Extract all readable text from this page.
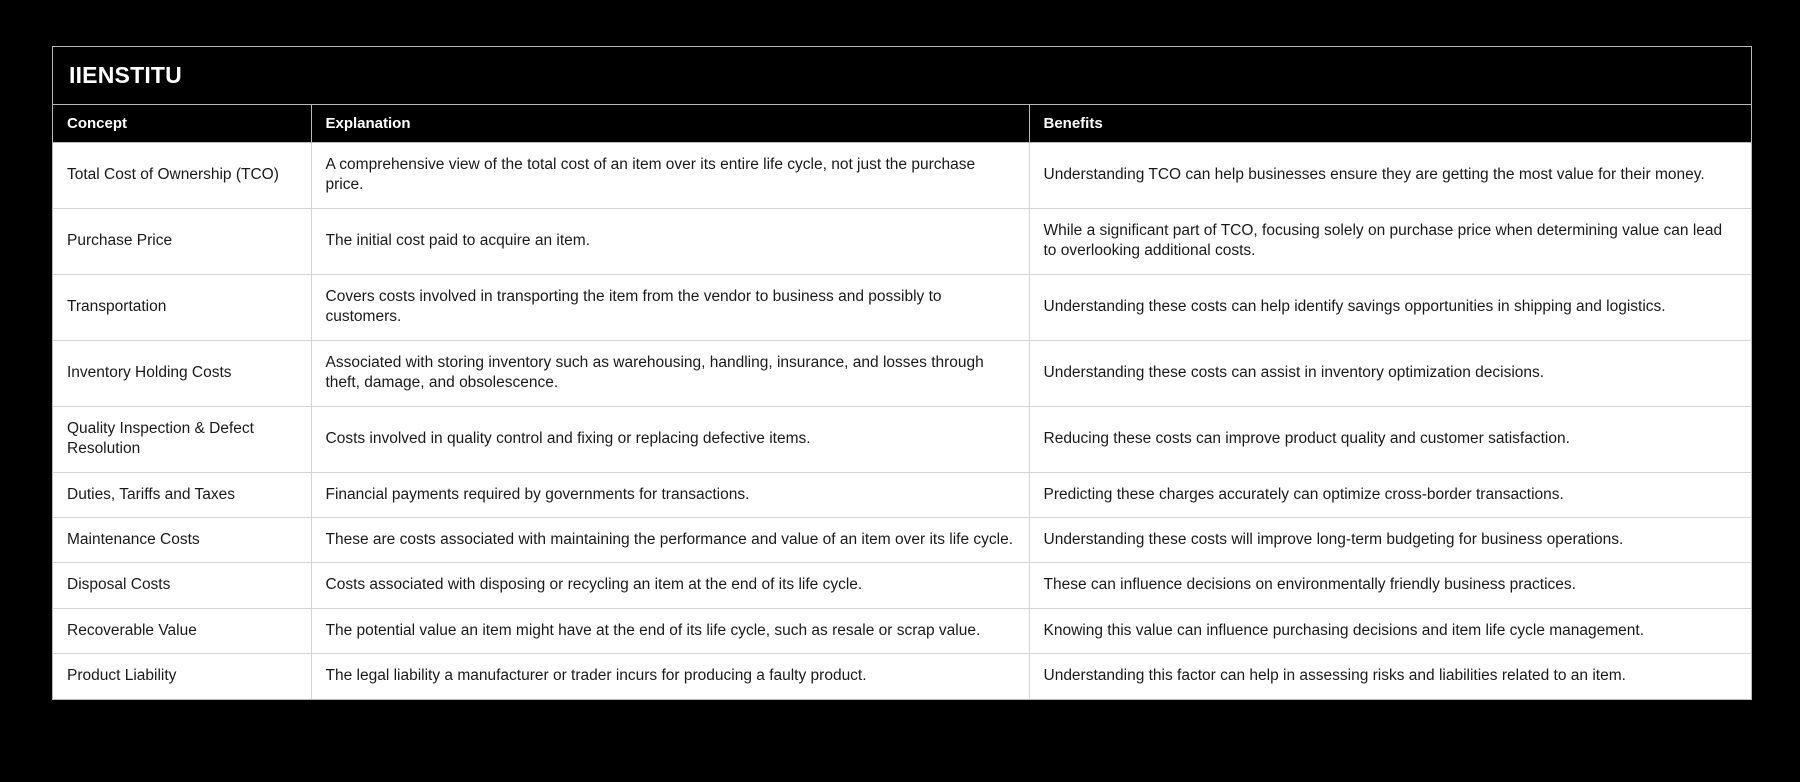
IIENSTITU
Concept	Explanation	Benefits
Total Cost of Ownership (TCO)	A comprehensive view of the total cost of an item over its entire life cycle, not just the purchase price.	Understanding TCO can help businesses ensure they are getting the most value for their money.
Purchase Price	The initial cost paid to acquire an item.	While a significant part of TCO, focusing solely on purchase price when determining value can lead to overlooking additional costs.
Transportation	Covers costs involved in transporting the item from the vendor to business and possibly to customers.	Understanding these costs can help identify savings opportunities in shipping and logistics.
Inventory Holding Costs	Associated with storing inventory such as warehousing, handling, insurance, and losses through theft, damage, and obsolescence.	Understanding these costs can assist in inventory optimization decisions.
Quality Inspection & Defect Resolution	Costs involved in quality control and fixing or replacing defective items.	Reducing these costs can improve product quality and customer satisfaction.
Duties, Tariffs and Taxes	Financial payments required by governments for transactions.	Predicting these charges accurately can optimize cross-border transactions.
Maintenance Costs	These are costs associated with maintaining the performance and value of an item over its life cycle.	Understanding these costs will improve long-term budgeting for business operations.
Disposal Costs	Costs associated with disposing or recycling an item at the end of its life cycle.	These can influence decisions on environmentally friendly business practices.
Recoverable Value	The potential value an item might have at the end of its life cycle, such as resale or scrap value.	Knowing this value can influence purchasing decisions and item life cycle management.
Product Liability	The legal liability a manufacturer or trader incurs for producing a faulty product.	Understanding this factor can help in assessing risks and liabilities related to an item.
